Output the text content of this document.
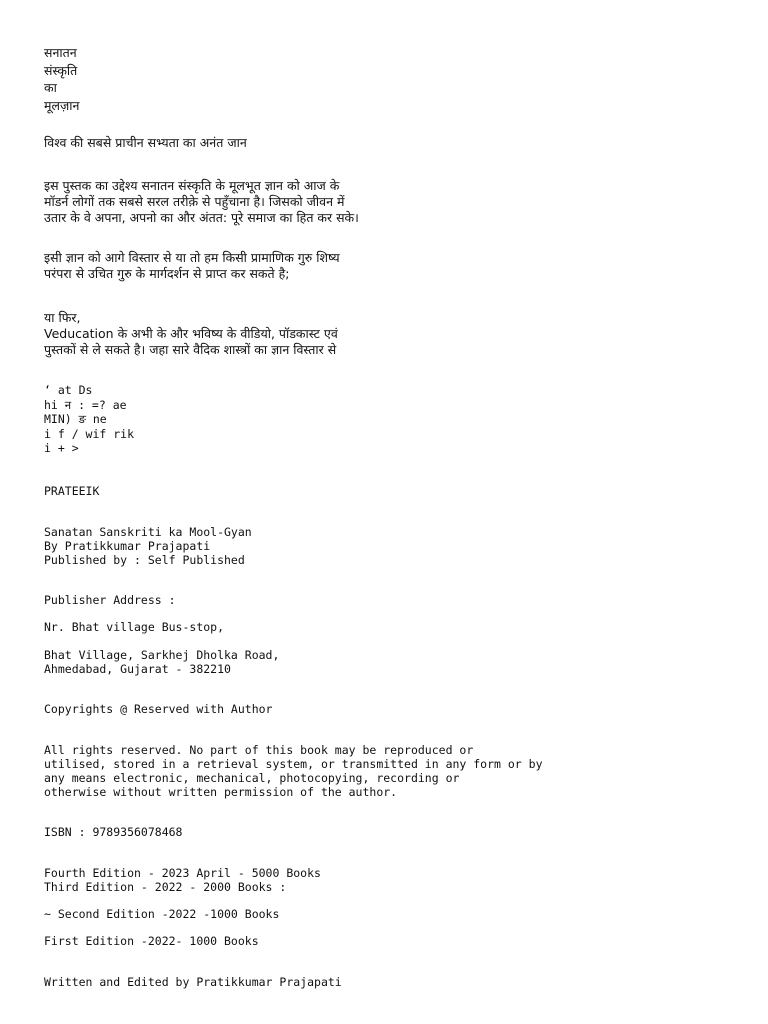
सनातन
संस्कृति
का
मूलज़ान
विश्व की सबसे प्राचीन सभ्यता का अनंत जान
इस पुस्तक का उद्देश्य सनातन संस्कृति के मूलभूत ज्ञान को आज के
मॉडर्न लोगों तक सबसे सरल तरीक़े से पहुँचाना है। जिसको जीवन में
उतार के वे अपना, अपनो का और अंतत: पूरे समाज का हित कर सके।
इसी ज्ञान को आगे विस्तार से या तो हम किसी प्रामाणिक गुरु शिष्य
परंपरा से उचित गुरु के मार्गदर्शन से प्राप्त कर सकते है;
या फिर,
Veducation के अभी के और भविष्य के वीडियो, पॉडकास्ट एवं
पुस्तकों से ले सकते है। जहा सारे वैदिक शास्त्रों का ज्ञान विस्तार से
‘ at Ds
hi न : =? ae
MIN) ङ ne
i f / wif rik
i + >
PRATEEIK
Sanatan Sanskriti ka Mool-Gyan
By Pratikkumar Prajapati
Published by : Self Published
Publisher Address :
Nr. Bhat village Bus-stop,
Bhat Village, Sarkhej Dholka Road,
Ahmedabad, Gujarat - 382210
Copyrights @ Reserved with Author
All rights reserved. No part of this book may be reproduced or
utilised, stored in a retrieval system, or transmitted in any form or by
any means electronic, mechanical, photocopying, recording or
otherwise without written permission of the author.
ISBN : 9789356078468
Fourth Edition - 2023 April - 5000 Books
Third Edition - 2022 - 2000 Books :
~ Second Edition -2022 -1000 Books
First Edition -2022- 1000 Books
Written and Edited by Pratikkumar Prajapati
